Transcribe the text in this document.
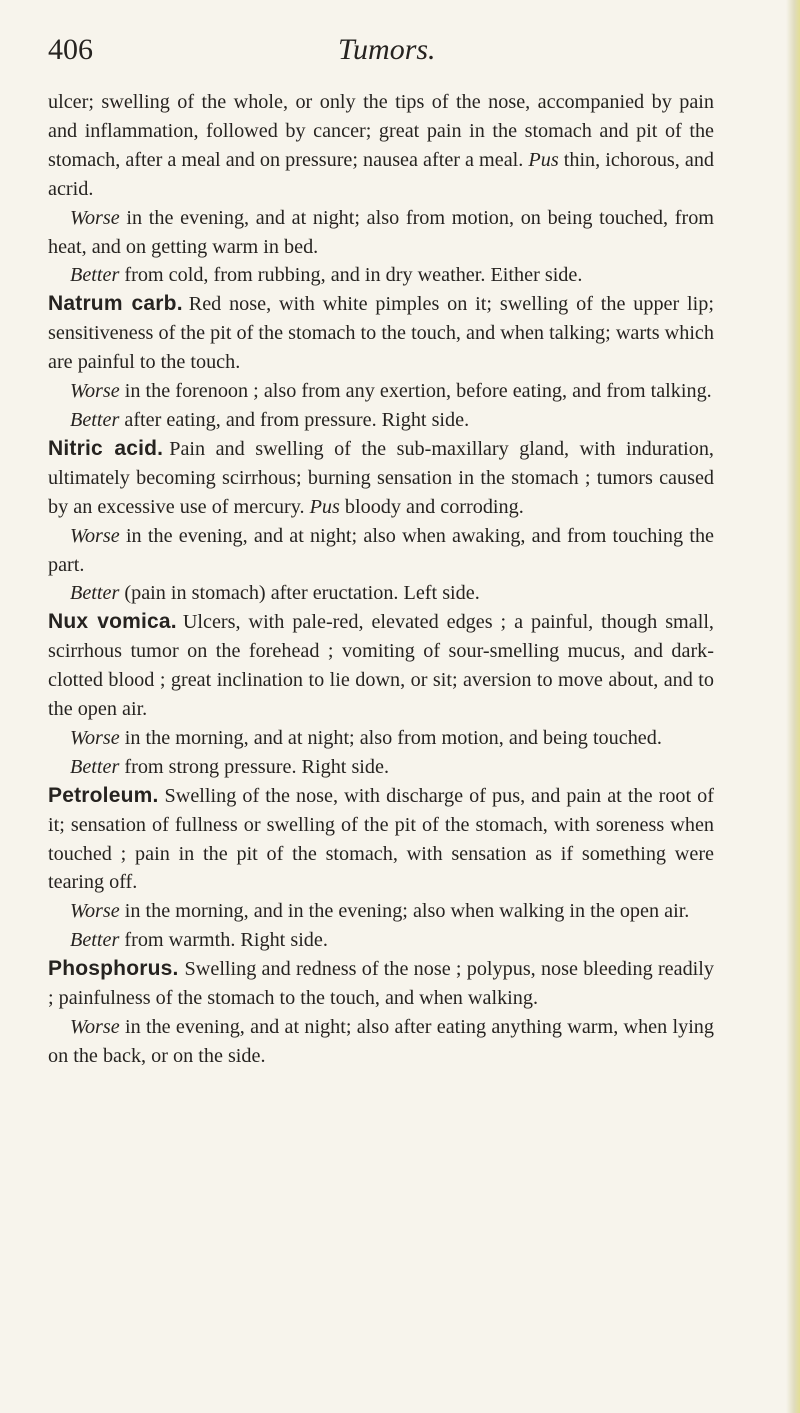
406	Tumors.

ulcer; swelling of the whole, or only the tips of the nose, accompanied by pain and inflammation, followed by cancer; great pain in the stomach and pit of the stomach, after a meal and on pressure; nausea after a meal. Pus thin, ichorous, and acrid.

Worse in the evening, and at night; also from motion, on being touched, from heat, and on getting warm in bed.

Better from cold, from rubbing, and in dry weather. Either side.

Natrum carb. Red nose, with white pimples on it; swelling of the upper lip; sensitiveness of the pit of the stomach to the touch, and when talking; warts which are painful to the touch.

Worse in the forenoon ; also from any exertion, before eating, and from talking.

Better after eating, and from pressure. Right side.

Nitric acid. Pain and swelling of the sub-maxillary gland, with induration, ultimately becoming scirrhous; burning sensation in the stomach ; tumors caused by an excessive use of mercury. Pus bloody and corroding.

Worse in the evening, and at night; also when awaking, and from touching the part.

Better (pain in stomach) after eructation. Left side.

Nux vomica. Ulcers, with pale-red, elevated edges ; a painful, though small, scirrhous tumor on the forehead ; vomiting of sour-smelling mucus, and dark-clotted blood ; great inclination to lie down, or sit; aversion to move about, and to the open air.

Worse in the morning, and at night; also from motion, and being touched.

Better from strong pressure. Right side.

Petroleum. Swelling of the nose, with discharge of pus, and pain at the root of it; sensation of fullness or swelling of the pit of the stomach, with soreness when touched ; pain in the pit of the stomach, with sensation as if something were tearing off.

Worse in the morning, and in the evening; also when walking in the open air.

Better from warmth. Right side.

Phosphorus. Swelling and redness of the nose ; polypus, nose bleeding readily ; painfulness of the stomach to the touch, and when walking.

Worse in the evening, and at night; also after eating anything warm, when lying on the back, or on the side.
